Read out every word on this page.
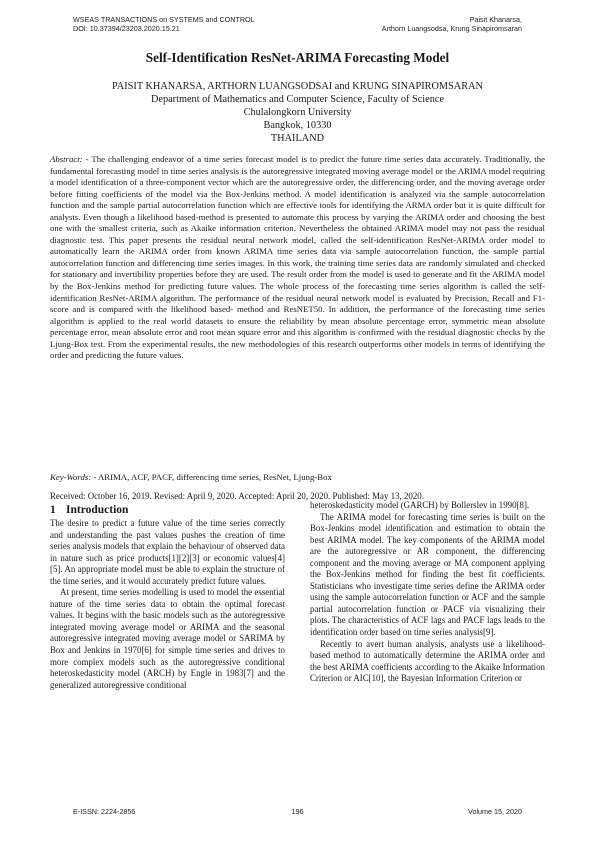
WSEAS TRANSACTIONS on SYSTEMS and CONTROL
DOI: 10.37394/23203.2020.15.21
Paisit Khanarsa,
Arthorn Luangsodsa, Krung Sinapiromsaran
Self-Identification ResNet-ARIMA Forecasting Model
PAISIT KHANARSA, ARTHORN LUANGSODSAI and KRUNG SINAPIROMSARAN
Department of Mathematics and Computer Science, Faculty of Science
Chulalongkorn University
Bangkok, 10330
THAILAND
Abstract: - The challenging endeavor of a time series forecast model is to predict the future time series data accurately. Traditionally, the fundamental forecasting model in time series analysis is the autoregressive integrated moving average model or the ARIMA model requiring a model identification of a three-component vector which are the autoregressive order, the differencing order, and the moving average order before fitting coefficients of the model via the Box-Jenkins method. A model identification is analyzed via the sample autocorrelation function and the sample partial autocorrelation function which are effective tools for identifying the ARMA order but it is quite difficult for analysts. Even though a likelihood based-method is presented to automate this process by varying the ARIMA order and choosing the best one with the smallest criteria, such as Akaike information criterion. Nevertheless the obtained ARIMA model may not pass the residual diagnostic test. This paper presents the residual neural network model, called the self-identification ResNet-ARIMA order model to automatically learn the ARIMA order from known ARIMA time series data via sample autocorrelation function, the sample partial autocorrelation function and differencing time series images. In this work, the training time series data are randomly simulated and checked for stationary and invertibility properties before they are used. The result order from the model is used to generate and fit the ARIMA model by the Box-Jenkins method for predicting future values. The whole process of the forecasting time series algorithm is called the self-identification ResNet-ARIMA algorithm. The performance of the residual neural network model is evaluated by Precision, Recall and F1-score and is compared with the likelihood based- method and ResNET50. In addition, the performance of the forecasting time series algorithm is applied to the real world datasets to ensure the reliability by mean absolute percentage error, symmetric mean absolute percentage error, mean absolute error and root mean square error and this algorithm is confirmed with the residual diagnostic checks by the Ljung-Box test. From the experimental results, the new methodologies of this research outperforms other models in terms of identifying the order and predicting the future values.
Key-Words: - ARIMA, ACF, PACF, differencing time series, ResNet, Ljung-Box
Received: October 16, 2019. Revised: April 9, 2020. Accepted: April 20, 2020. Published: May 13, 2020.
1 Introduction

The desire to predict a future value of the time series correctly and understanding the past values pushes the creation of time series analysis models that explain the behaviour of observed data in nature such as price products[1][2][3] or economic values[4][5]. An appropriate model must be able to explain the structure of the time series, and it would accurately predict future values.

At present, time series modelling is used to model the essential nature of the time series data to obtain the optimal forecast values. It begins with the basic models such as the autoregressive integrated moving average model or ARIMA and the seasonal autoregressive integrated moving average model or SARIMA by Box and Jenkins in 1970[6] for simple time series and drives to more complex models such as the autoregressive conditional heteroskedasticity model (ARCH) by Engle in 1983[7] and the generalized autoregressive conditional

heteroskedasticity model (GARCH) by Bollerslev in 1990[8].

The ARIMA model for forecasting time series is built on the Box-Jenkins model identification and estimation to obtain the best ARIMA model. The key components of the ARIMA model are the autoregressive or AR component, the differencing component and the moving average or MA component applying the Box-Jenkins method for finding the best fit coefficients. Statisticians who investigate time series define the ARIMA order using the sample autocorrelation function or ACF and the sample partial autocorrelation function or PACF via visualizing their plots. The characteristics of ACF lags and PACF lags leads to the identification order based on time series analysis[9].

Recently to avert human analysis, analysts use a likelihood-based method to automatically determine the ARIMA order and the best ARIMA coefficients according to the Akaike Information Criterion or AIC[10], the Bayesian Information Criterion or

E-ISSN: 2224-2856	196	Volume 15, 2020
